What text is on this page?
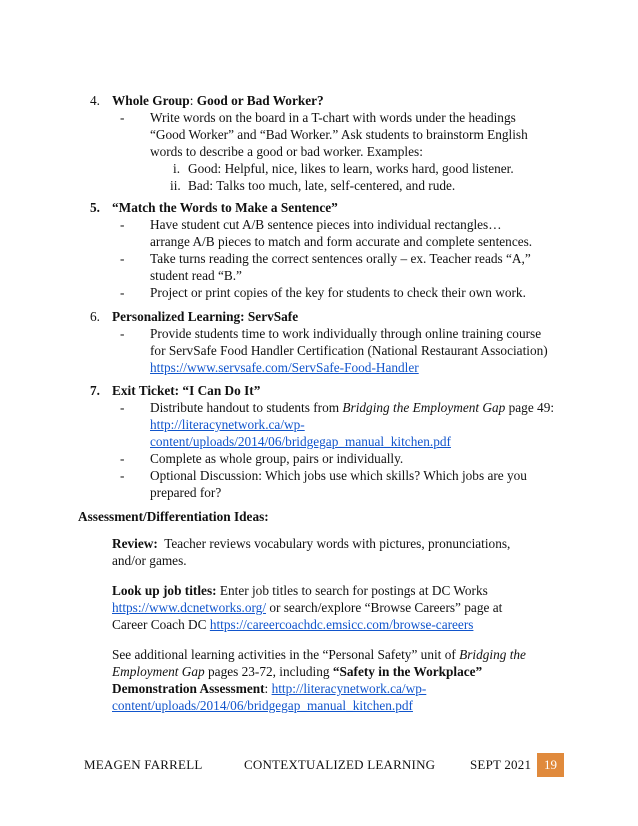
4. Whole Group: Good or Bad Worker?
- Write words on the board in a T-chart with words under the headings
“Good Worker” and “Bad Worker.” Ask students to brainstorm English
words to describe a good or bad worker. Examples:
i. Good: Helpful, nice, likes to learn, works hard, good listener.
ii. Bad: Talks too much, late, self-centered, and rude.
5. “Match the Words to Make a Sentence”
- Have student cut A/B sentence pieces into individual rectangles…
arrange A/B pieces to match and form accurate and complete sentences.
- Take turns reading the correct sentences orally – ex. Teacher reads “A,”
student read “B.”
- Project or print copies of the key for students to check their own work.
6. Personalized Learning: ServSafe
- Provide students time to work individually through online training course
for ServSafe Food Handler Certification (National Restaurant Association)
https://www.servsafe.com/ServSafe-Food-Handler
7. Exit Ticket: “I Can Do It”
- Distribute handout to students from Bridging the Employment Gap page 49:
http://literacynetwork.ca/wp-
content/uploads/2014/06/bridgegap_manual_kitchen.pdf
- Complete as whole group, pairs or individually.
- Optional Discussion: Which jobs use which skills? Which jobs are you
prepared for?
Assessment/Differentiation Ideas:
Review:  Teacher reviews vocabulary words with pictures, pronunciations,
and/or games.
Look up job titles: Enter job titles to search for postings at DC Works
https://www.dcnetworks.org/ or search/explore “Browse Careers” page at
Career Coach DC https://careercoachdc.emsicc.com/browse-careers
See additional learning activities in the “Personal Safety” unit of Bridging the
Employment Gap pages 23-72, including “Safety in the Workplace”
Demonstration Assessment: http://literacynetwork.ca/wp-
content/uploads/2014/06/bridgegap_manual_kitchen.pdf
MEAGEN FARRELL	CONTEXTUALIZED LEARNING	SEPT 2021 19
